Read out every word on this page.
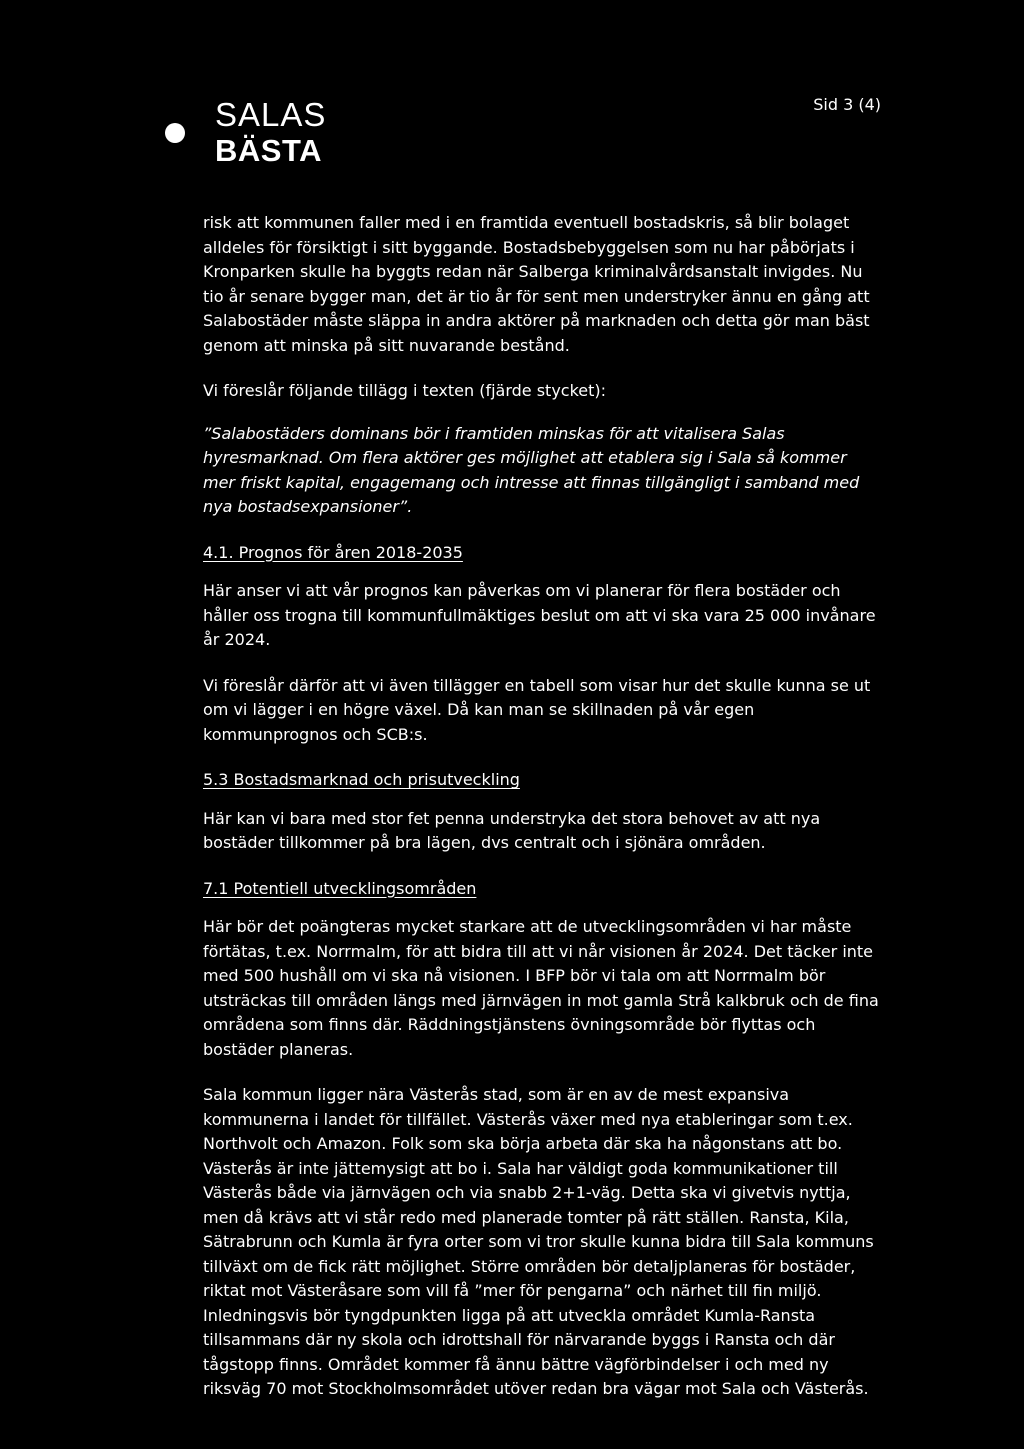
SALAS
BÄSTA
Sid 3 (4)

risk att kommunen faller med i en framtida eventuell bostadskris, så blir bolaget alldeles för försiktigt i sitt byggande. Bostadsbebyggelsen som nu har påbörjats i Kronparken skulle ha byggts redan när Salberga kriminalvårdsanstalt invigdes. Nu tio år senare bygger man, det är tio år för sent men understryker ännu en gång att Salabostäder måste släppa in andra aktörer på marknaden och detta gör man bäst genom att minska på sitt nuvarande bestånd.

Vi föreslår följande tillägg i texten (fjärde stycket):

”Salabostäders dominans bör i framtiden minskas för att vitalisera Salas hyresmarknad. Om flera aktörer ges möjlighet att etablera sig i Sala så kommer mer friskt kapital, engagemang och intresse att finnas tillgängligt i samband med nya bostadsexpansioner”.

4.1. Prognos för åren 2018-2035

Här anser vi att vår prognos kan påverkas om vi planerar för flera bostäder och håller oss trogna till kommunfullmäktiges beslut om att vi ska vara 25 000 invånare år 2024.

Vi föreslår därför att vi även tillägger en tabell som visar hur det skulle kunna se ut om vi lägger i en högre växel. Då kan man se skillnaden på vår egen kommunprognos och SCB:s.

5.3 Bostadsmarknad och prisutveckling

Här kan vi bara med stor fet penna understryka det stora behovet av att nya bostäder tillkommer på bra lägen, dvs centralt och i sjönära områden.

7.1 Potentiell utvecklingsområden

Här bör det poängteras mycket starkare att de utvecklingsområden vi har måste förtätas, t.ex. Norrmalm, för att bidra till att vi når visionen år 2024. Det täcker inte med 500 hushåll om vi ska nå visionen. I BFP bör vi tala om att Norrmalm bör utsträckas till områden längs med järnvägen in mot gamla Strå kalkbruk och de fina områdena som finns där. Räddningstjänstens övningsområde bör flyttas och bostäder planeras.

Sala kommun ligger nära Västerås stad, som är en av de mest expansiva kommunerna i landet för tillfället. Västerås växer med nya etableringar som t.ex. Northvolt och Amazon. Folk som ska börja arbeta där ska ha någonstans att bo. Västerås är inte jättemysigt att bo i. Sala har väldigt goda kommunikationer till Västerås både via järnvägen och via snabb 2+1-väg. Detta ska vi givetvis nyttja, men då krävs att vi står redo med planerade tomter på rätt ställen. Ransta, Kila, Sätrabrunn och Kumla är fyra orter som vi tror skulle kunna bidra till Sala kommuns tillväxt om de fick rätt möjlighet. Större områden bör detaljplaneras för bostäder, riktat mot Västeråsare som vill få ”mer för pengarna” och närhet till fin miljö. Inledningsvis bör tyngdpunkten ligga på att utveckla området Kumla-Ransta tillsammans där ny skola och idrottshall för närvarande byggs i Ransta och där tågstopp finns. Området kommer få ännu bättre vägförbindelser i och med ny riksväg 70 mot Stockholmsområdet utöver redan bra vägar mot Sala och Västerås.
